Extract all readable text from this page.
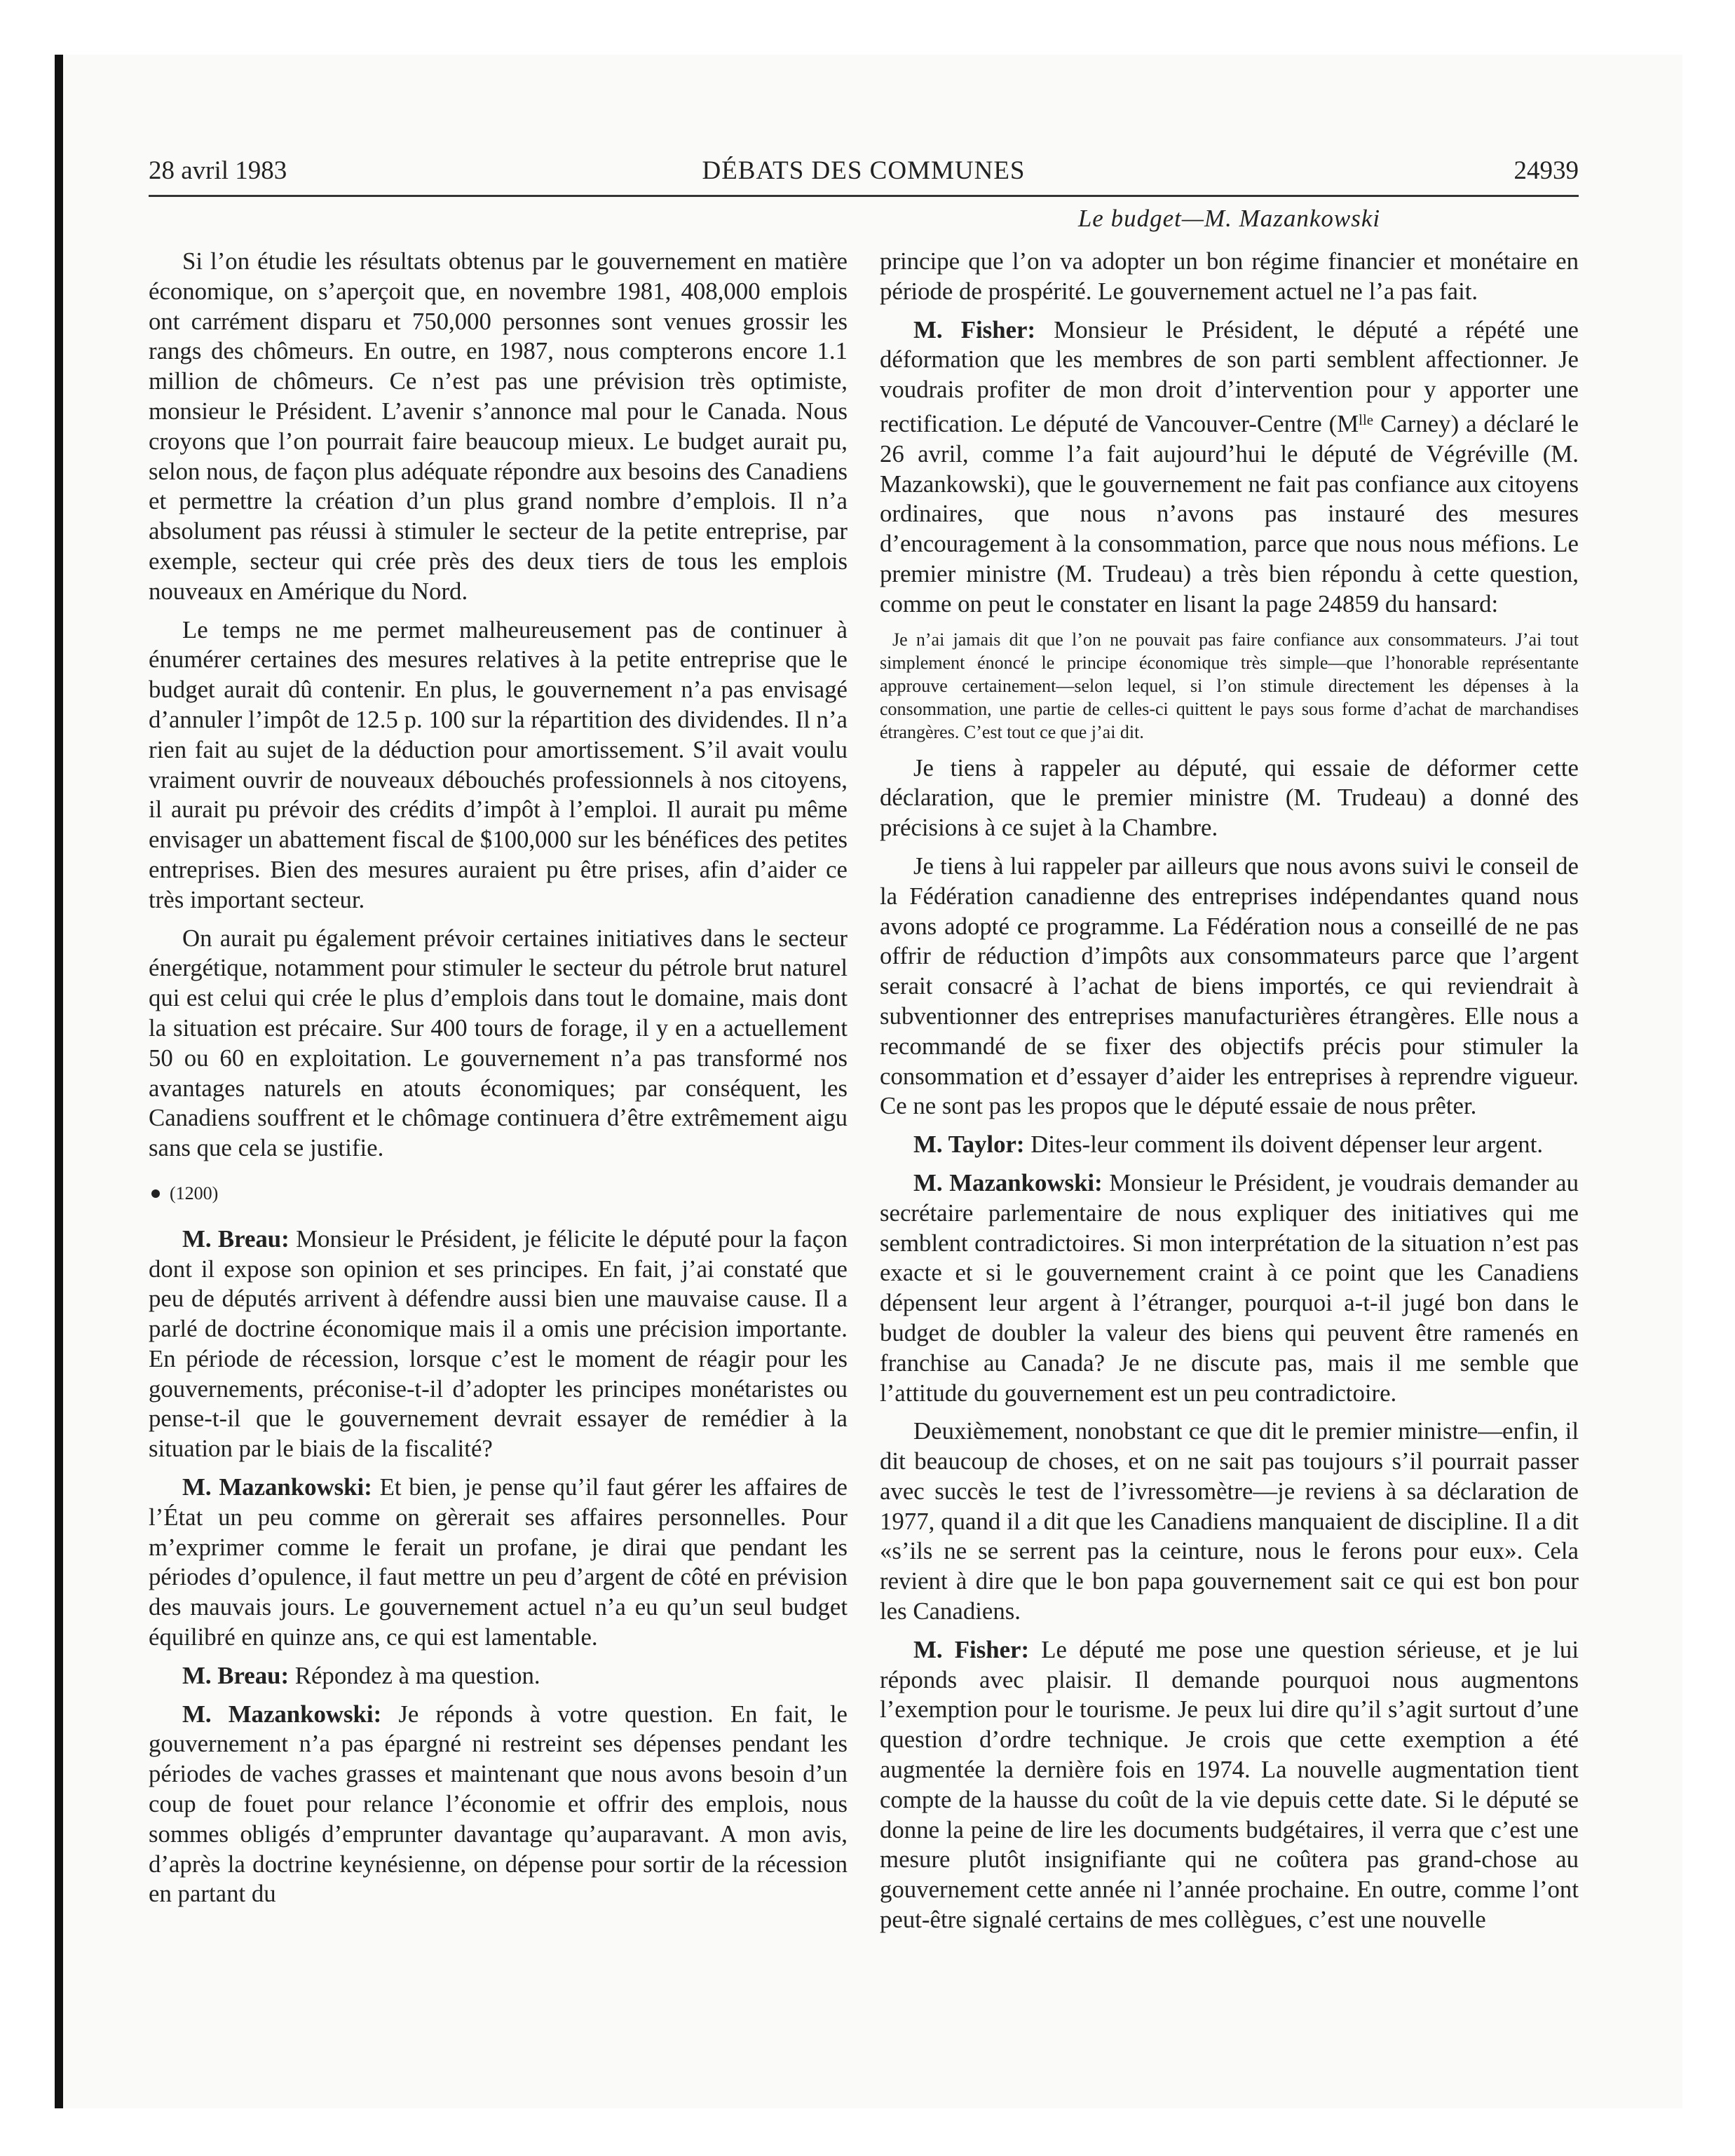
28 avril 1983	DÉBATS DES COMMUNES	24939
Le budget—M. Mazankowski

Si l’on étudie les résultats obtenus par le gouvernement en matière économique, on s’aperçoit que, en novembre 1981, 408,000 emplois ont carrément disparu et 750,000 personnes sont venues grossir les rangs des chômeurs. En outre, en 1987, nous compterons encore 1.1 million de chômeurs. Ce n’est pas une prévision très optimiste, monsieur le Président. L’avenir s’annonce mal pour le Canada. Nous croyons que l’on pourrait faire beaucoup mieux. Le budget aurait pu, selon nous, de façon plus adéquate répondre aux besoins des Canadiens et permettre la création d’un plus grand nombre d’emplois. Il n’a absolument pas réussi à stimuler le secteur de la petite entreprise, par exemple, secteur qui crée près des deux tiers de tous les emplois nouveaux en Amérique du Nord.

Le temps ne me permet malheureusement pas de continuer à énumérer certaines des mesures relatives à la petite entreprise que le budget aurait dû contenir. En plus, le gouvernement n’a pas envisagé d’annuler l’impôt de 12.5 p. 100 sur la répartition des dividendes. Il n’a rien fait au sujet de la déduction pour amortissement. S’il avait voulu vraiment ouvrir de nouveaux débouchés professionnels à nos citoyens, il aurait pu prévoir des crédits d’impôt à l’emploi. Il aurait pu même envisager un abattement fiscal de $100,000 sur les bénéfices des petites entreprises. Bien des mesures auraient pu être prises, afin d’aider ce très important secteur.

On aurait pu également prévoir certaines initiatives dans le secteur énergétique, notamment pour stimuler le secteur du pétrole brut naturel qui est celui qui crée le plus d’emplois dans tout le domaine, mais dont la situation est précaire. Sur 400 tours de forage, il y en a actuellement 50 ou 60 en exploitation. Le gouvernement n’a pas transformé nos avantages naturels en atouts économiques; par conséquent, les Canadiens souffrent et le chômage continuera d’être extrêmement aigu sans que cela se justifie.

(1200)

M. Breau: Monsieur le Président, je félicite le député pour la façon dont il expose son opinion et ses principes. En fait, j’ai constaté que peu de députés arrivent à défendre aussi bien une mauvaise cause. Il a parlé de doctrine économique mais il a omis une précision importante. En période de récession, lorsque c’est le moment de réagir pour les gouvernements, préconise-t-il d’adopter les principes monétaristes ou pense-t-il que le gouvernement devrait essayer de remédier à la situation par le biais de la fiscalité?

M. Mazankowski: Et bien, je pense qu’il faut gérer les affaires de l’État un peu comme on gèrerait ses affaires personnelles. Pour m’exprimer comme le ferait un profane, je dirai que pendant les périodes d’opulence, il faut mettre un peu d’argent de côté en prévision des mauvais jours. Le gouvernement actuel n’a eu qu’un seul budget équilibré en quinze ans, ce qui est lamentable.

M. Breau: Répondez à ma question.

M. Mazankowski: Je réponds à votre question. En fait, le gouvernement n’a pas épargné ni restreint ses dépenses pendant les périodes de vaches grasses et maintenant que nous avons besoin d’un coup de fouet pour relance l’économie et offrir des emplois, nous sommes obligés d’emprunter davantage qu’auparavant. A mon avis, d’après la doctrine keynésienne, on dépense pour sortir de la récession en partant du

principe que l’on va adopter un bon régime financier et monétaire en période de prospérité. Le gouvernement actuel ne l’a pas fait.

M. Fisher: Monsieur le Président, le député a répété une déformation que les membres de son parti semblent affectionner. Je voudrais profiter de mon droit d’intervention pour y apporter une rectification. Le député de Vancouver-Centre ($M^{lle}$ Carney) a déclaré le 26 avril, comme l’a fait aujourd’hui le député de Végréville (M. Mazankowski), que le gouvernement ne fait pas confiance aux citoyens ordinaires, que nous n’avons pas instauré des mesures d’encouragement à la consommation, parce que nous nous méfions. Le premier ministre (M. Trudeau) a très bien répondu à cette question, comme on peut le constater en lisant la page 24859 du hansard:

Je n’ai jamais dit que l’on ne pouvait pas faire confiance aux consommateurs. J’ai tout simplement énoncé le principe économique très simple—que l’honorable représentante approuve certainement—selon lequel, si l’on stimule directement les dépenses à la consommation, une partie de celles-ci quittent le pays sous forme d’achat de marchandises étrangères. C’est tout ce que j’ai dit.

Je tiens à rappeler au député, qui essaie de déformer cette déclaration, que le premier ministre (M. Trudeau) a donné des précisions à ce sujet à la Chambre.

Je tiens à lui rappeler par ailleurs que nous avons suivi le conseil de la Fédération canadienne des entreprises indépendantes quand nous avons adopté ce programme. La Fédération nous a conseillé de ne pas offrir de réduction d’impôts aux consommateurs parce que l’argent serait consacré à l’achat de biens importés, ce qui reviendrait à subventionner des entreprises manufacturières étrangères. Elle nous a recommandé de se fixer des objectifs précis pour stimuler la consommation et d’essayer d’aider les entreprises à reprendre vigueur. Ce ne sont pas les propos que le député essaie de nous prêter.

M. Taylor: Dites-leur comment ils doivent dépenser leur argent.

M. Mazankowski: Monsieur le Président, je voudrais demander au secrétaire parlementaire de nous expliquer des initiatives qui me semblent contradictoires. Si mon interprétation de la situation n’est pas exacte et si le gouvernement craint à ce point que les Canadiens dépensent leur argent à l’étranger, pourquoi a-t-il jugé bon dans le budget de doubler la valeur des biens qui peuvent être ramenés en franchise au Canada? Je ne discute pas, mais il me semble que l’attitude du gouvernement est un peu contradictoire.

Deuxièmement, nonobstant ce que dit le premier ministre—enfin, il dit beaucoup de choses, et on ne sait pas toujours s’il pourrait passer avec succès le test de l’ivressomètre—je reviens à sa déclaration de 1977, quand il a dit que les Canadiens manquaient de discipline. Il a dit «s’ils ne se serrent pas la ceinture, nous le ferons pour eux». Cela revient à dire que le bon papa gouvernement sait ce qui est bon pour les Canadiens.

M. Fisher: Le député me pose une question sérieuse, et je lui réponds avec plaisir. Il demande pourquoi nous augmentons l’exemption pour le tourisme. Je peux lui dire qu’il s’agit surtout d’une question d’ordre technique. Je crois que cette exemption a été augmentée la dernière fois en 1974. La nouvelle augmentation tient compte de la hausse du coût de la vie depuis cette date. Si le député se donne la peine de lire les documents budgétaires, il verra que c’est une mesure plutôt insignifiante qui ne coûtera pas grand-chose au gouvernement cette année ni l’année prochaine. En outre, comme l’ont peut-être signalé certains de mes collègues, c’est une nouvelle
